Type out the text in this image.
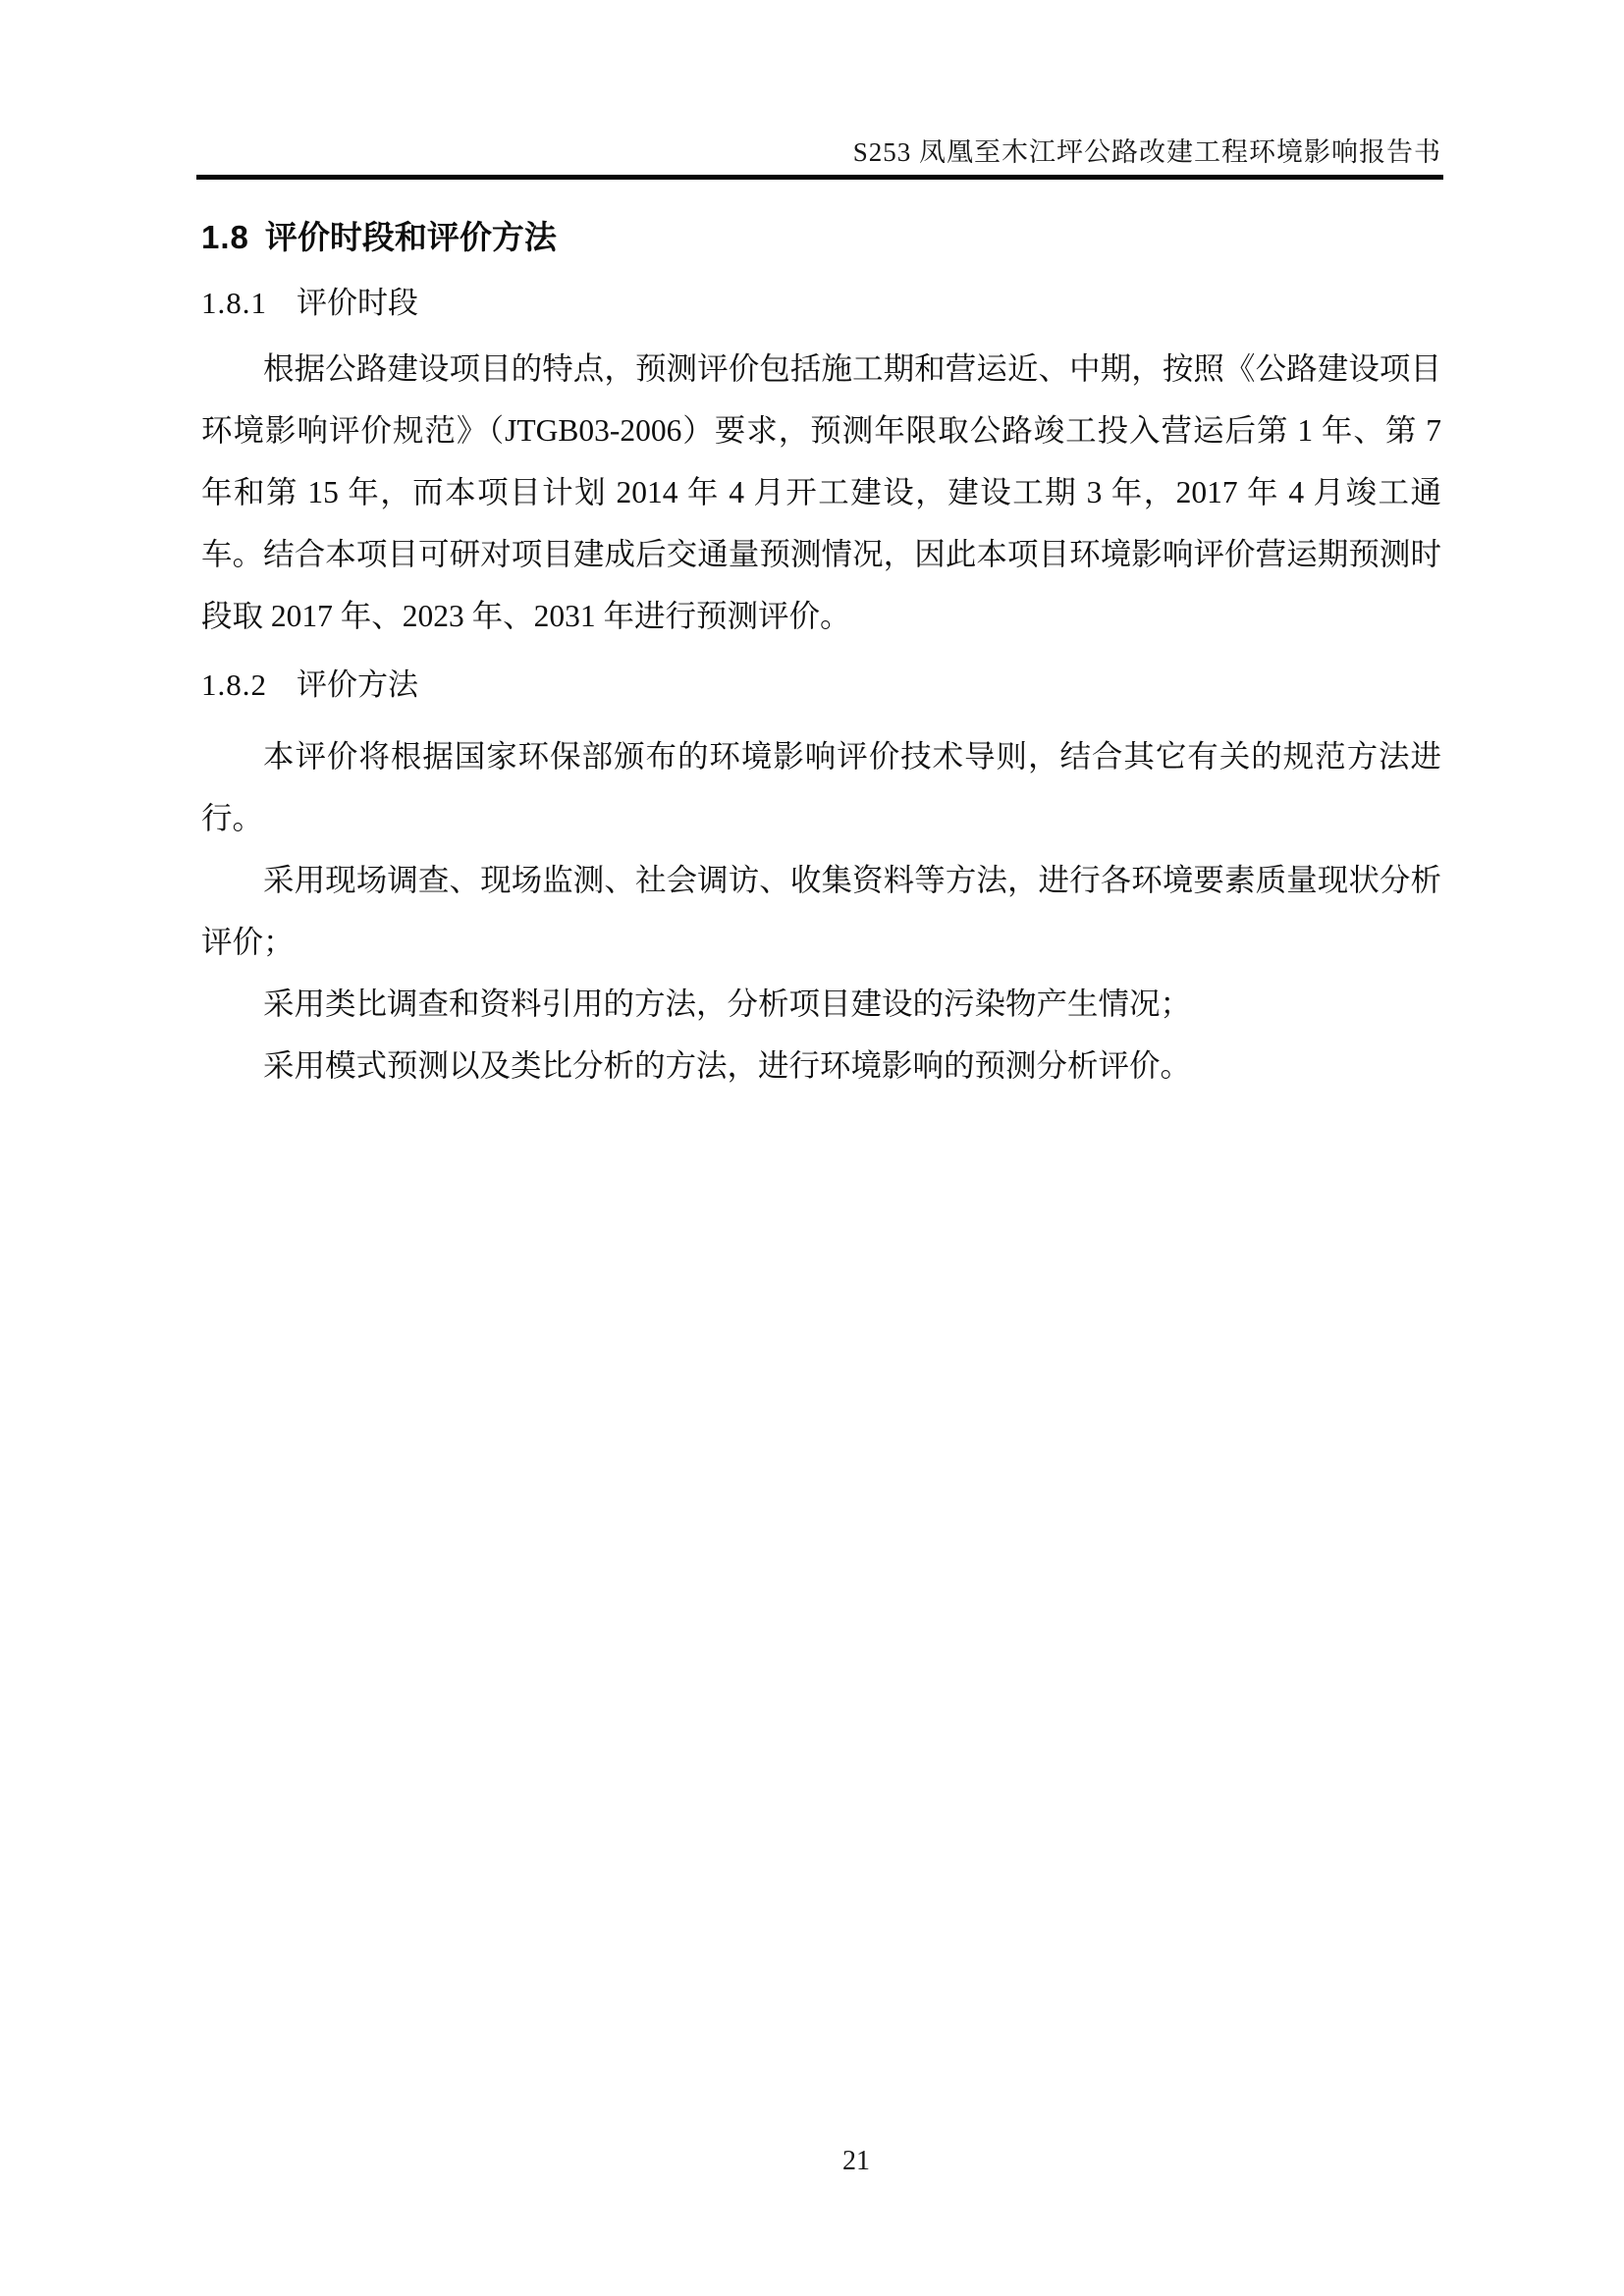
S253 凤凰至木江坪公路改建工程环境影响报告书
1.8 评价时段和评价方法
1.8.1 评价时段

根据公路建设项目的特点，预测评价包括施工期和营运近、中期，按照《公路建设项目环境影响评价规范》（JTGB03-2006）要求，预测年限取公路竣工投入营运后第 1 年、第 7 年和第 15 年，而本项目计划 2014 年 4 月开工建设，建设工期 3 年，2017 年 4 月竣工通车。结合本项目可研对项目建成后交通量预测情况，因此本项目环境影响评价营运期预测时段取 2017 年、2023 年、2031 年进行预测评价。

1.8.2 评价方法

本评价将根据国家环保部颁布的环境影响评价技术导则，结合其它有关的规范方法进行。

采用现场调查、现场监测、社会调访、收集资料等方法，进行各环境要素质量现状分析评价；

采用类比调查和资料引用的方法，分析项目建设的污染物产生情况；

采用模式预测以及类比分析的方法，进行环境影响的预测分析评价。

21
